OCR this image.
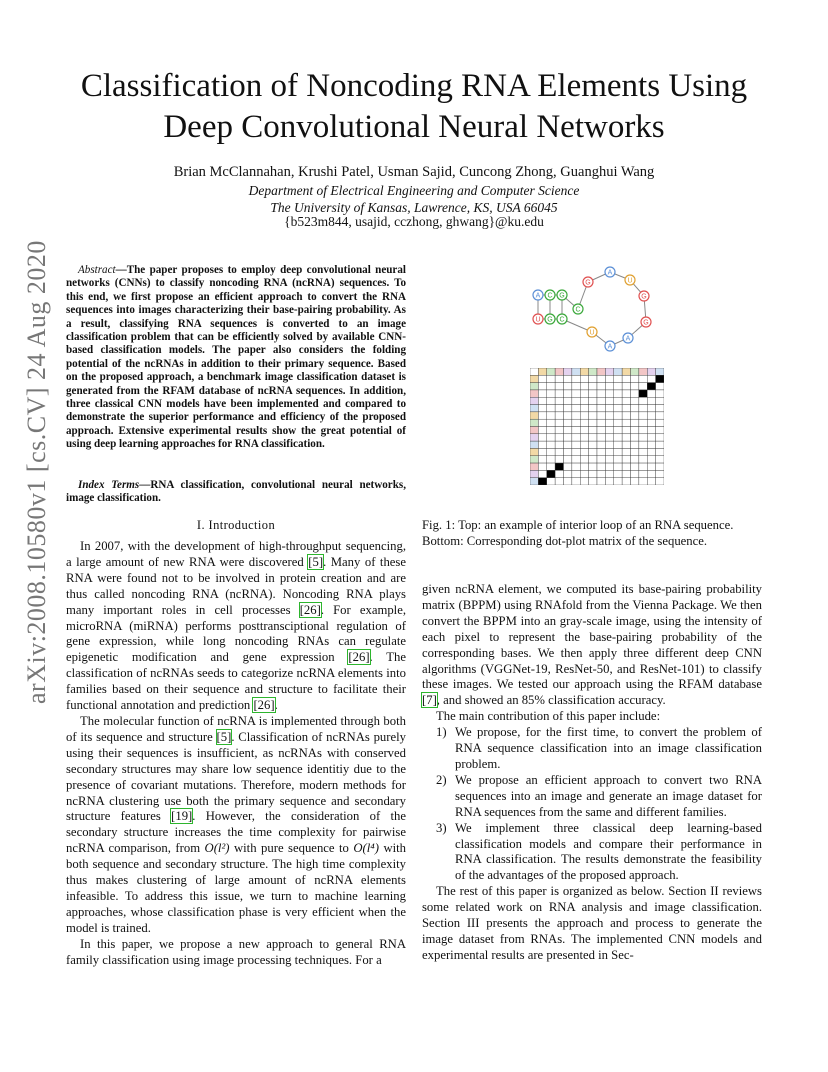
arXiv:2008.10580v1 [cs.CV] 24 Aug 2020
Classification of Noncoding RNA Elements Using
Deep Convolutional Neural Networks
Brian McClannahan, Krushi Patel, Usman Sajid, Cuncong Zhong, Guanghui Wang
Department of Electrical Engineering and Computer Science
The University of Kansas, Lawrence, KS, USA 66045
{b523m844, usajid, cczhong, ghwang}@ku.edu
Abstract—The paper proposes to employ deep convolutional neural networks (CNNs) to classify noncoding RNA (ncRNA) sequences. To this end, we first propose an efficient approach to convert the RNA sequences into images characterizing their base-pairing probability. As a result, classifying RNA sequences is converted to an image classification problem that can be efficiently solved by available CNN-based classification models. The paper also considers the folding potential of the ncRNAs in addition to their primary sequence. Based on the proposed approach, a benchmark image classification dataset is generated from the RFAM database of ncRNA sequences. In addition, three classical CNN models have been implemented and compared to demonstrate the superior performance and efficiency of the proposed approach. Extensive experimental results show the great potential of using deep learning approaches for RNA classification.
Index Terms—RNA classification, convolutional neural networks, image classification.
I. Introduction

In 2007, with the development of high-throughput sequencing, a large amount of new RNA were discovered [5]. Many of these RNA were found not to be involved in protein creation and are thus called noncoding RNA (ncRNA). Noncoding RNA plays many important roles in cell processes [26]. For example, microRNA (miRNA) performs posttransciptional regulation of gene expression, while long noncoding RNAs can regulate epigenetic modification and gene expression [26]. The classification of ncRNAs seeds to categorize ncRNA elements into families based on their sequence and structure to facilitate their functional annotation and prediction [26].

The molecular function of ncRNA is implemented through both of its sequence and structure [5]. Classification of ncRNAs purely using their sequences is insufficient, as ncRNAs with conserved secondary structures may share low sequence identitiy due to the presence of covariant mutations. Therefore, modern methods for ncRNA clustering use both the primary sequence and secondary structure features [19]. However, the consideration of the secondary structure increases the time complexity for pairwise ncRNA comparison, from O(l²) with pure sequence to O(l⁴) with both sequence and secondary structure. The high time complexity thus makes clustering of large amount of ncRNA elements infeasible. To address this issue, we turn to machine learning approaches, whose classification phase is very efficient when the model is trained.

In this paper, we propose a new approach to general RNA family classification using image processing techniques. For a

A C G
U G C
C
G
A
U
G
G
A
A
U
Fig. 1: Top: an example of interior loop of an RNA sequence. Bottom: Corresponding dot-plot matrix of the sequence.

given ncRNA element, we computed its base-pairing probability matrix (BPPM) using RNAfold from the Vienna Package. We then convert the BPPM into an gray-scale image, using the intensity of each pixel to represent the base-pairing probability of the corresponding bases. We then apply three different deep CNN algorithms (VGGNet-19, ResNet-50, and ResNet-101) to classify these images. We tested our approach using the RFAM database [7], and showed an 85% classification accuracy.

The main contribution of this paper include:

1) We propose, for the first time, to convert the problem of RNA sequence classification into an image classification problem.
2) We propose an efficient approach to convert two RNA sequences into an image and generate an image dataset for RNA sequences from the same and different families.
3) We implement three classical deep learning-based classification models and compare their performance in RNA classification. The results demonstrate the feasibility of the advantages of the proposed approach.

The rest of this paper is organized as below. Section II reviews some related work on RNA analysis and image classification. Section III presents the approach and process to generate the image dataset from RNAs. The implemented CNN models and experimental results are presented in Sec-
